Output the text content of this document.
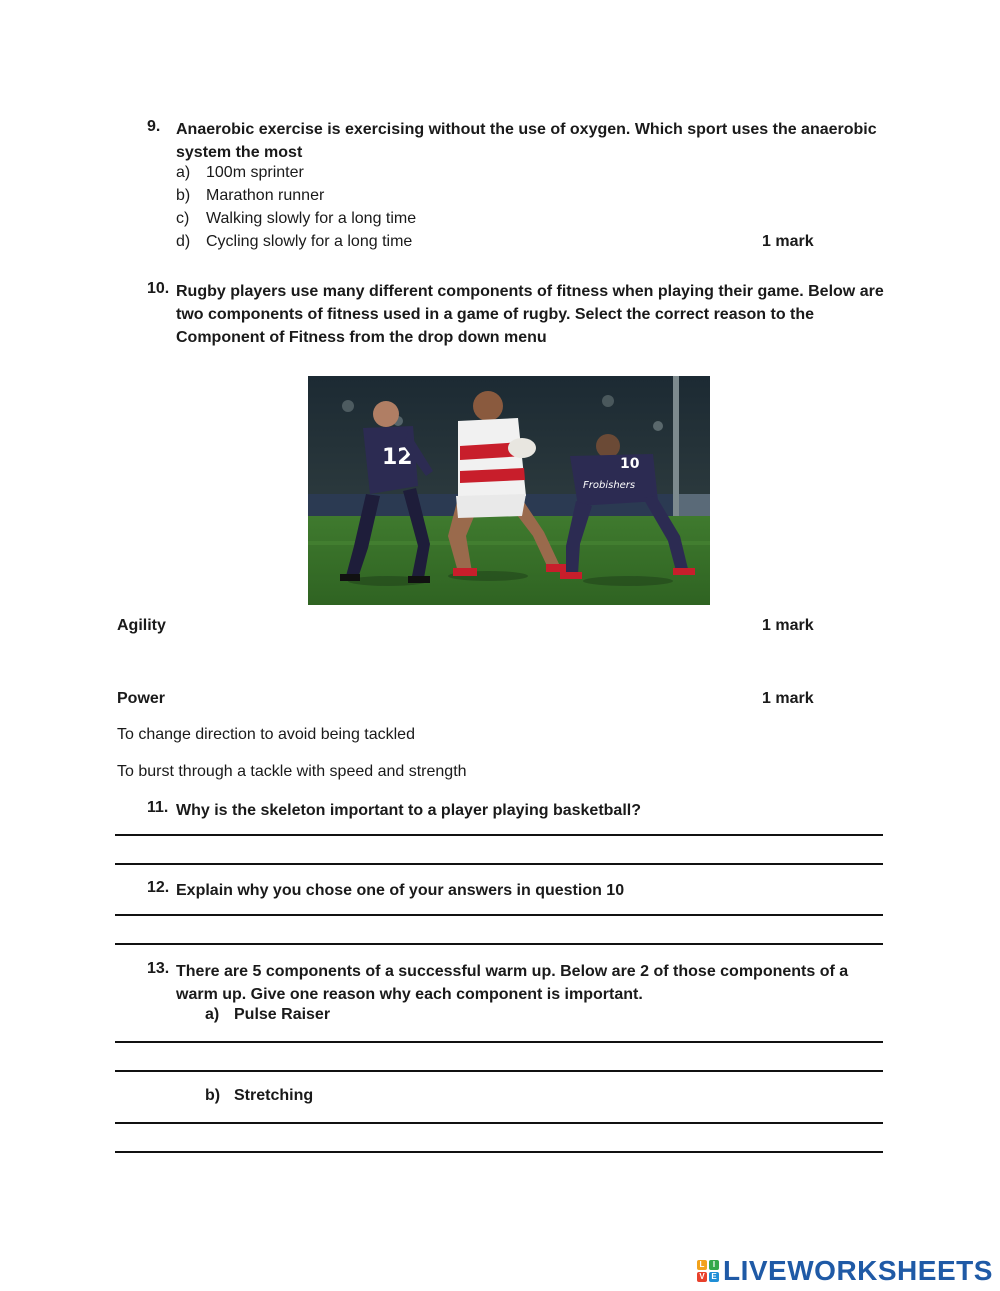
9. Anaerobic exercise is exercising without the use of oxygen. Which sport uses the anaerobic system the most
a) 100m sprinter
b) Marathon runner
c) Walking slowly for a long time
d) Cycling slowly for a long time	1 mark
10. Rugby players use many different components of fitness when playing their game. Below are two components of fitness used in a game of rugby. Select the correct reason to the Component of Fitness from the drop down menu
12	10
Frobishers
Agility	1 mark
Power	1 mark
To change direction to avoid being tackled
To burst through a tackle with speed and strength
11. Why is the skeleton important to a player playing basketball?
12. Explain why you chose one of your answers in question 10
13. There are 5 components of a successful warm up. Below are 2 of those components of a warm up. Give one reason why each component is important.
a) Pulse Raiser
b) Stretching
L	I
V E LIVEWORKSHEETS
